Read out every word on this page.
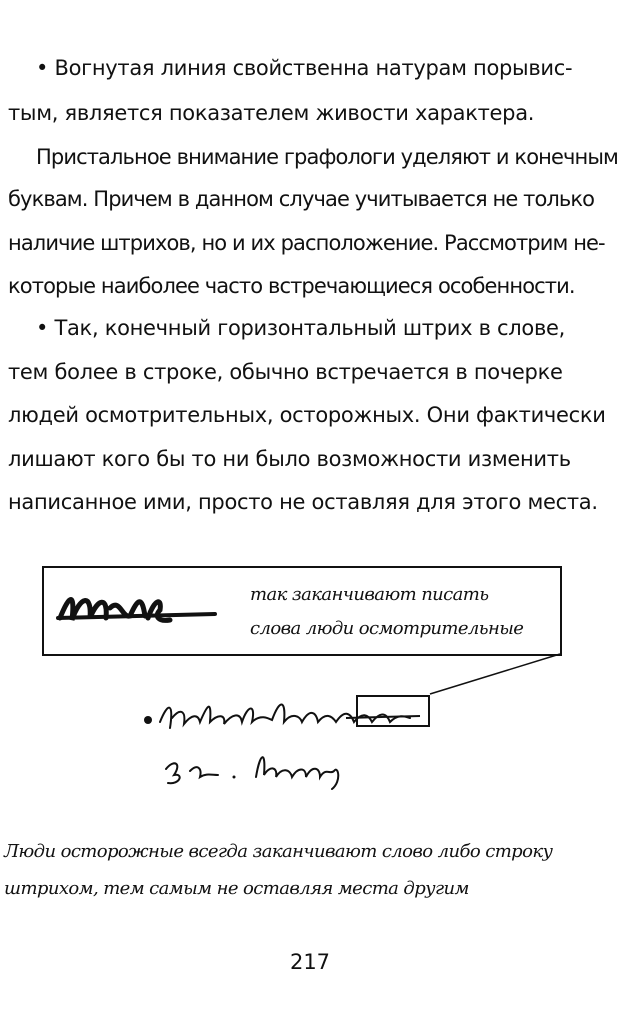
• Вогнутая линия свойственна натурам порывис-

тым, является показателем живости характера.

Пристальное внимание графологи уделяют и конечным

буквам. Причем в данном случае учитывается не только

наличие штрихов, но и их расположение. Рассмотрим не-

которые наиболее часто встречающиеся особенности.

• Так, конечный горизонтальный штрих в слове,

тем более в строке, обычно встречается в почерке

людей осмотрительных, осторожных. Они фактически

лишают кого бы то ни было возможности изменить

написанное ими, просто не оставляя для этого места.

так заканчивают писать

слова люди осмотрительные

Люди осторожные всегда заканчивают слово либо строку

штрихом, тем самым не оставляя места другим

217
